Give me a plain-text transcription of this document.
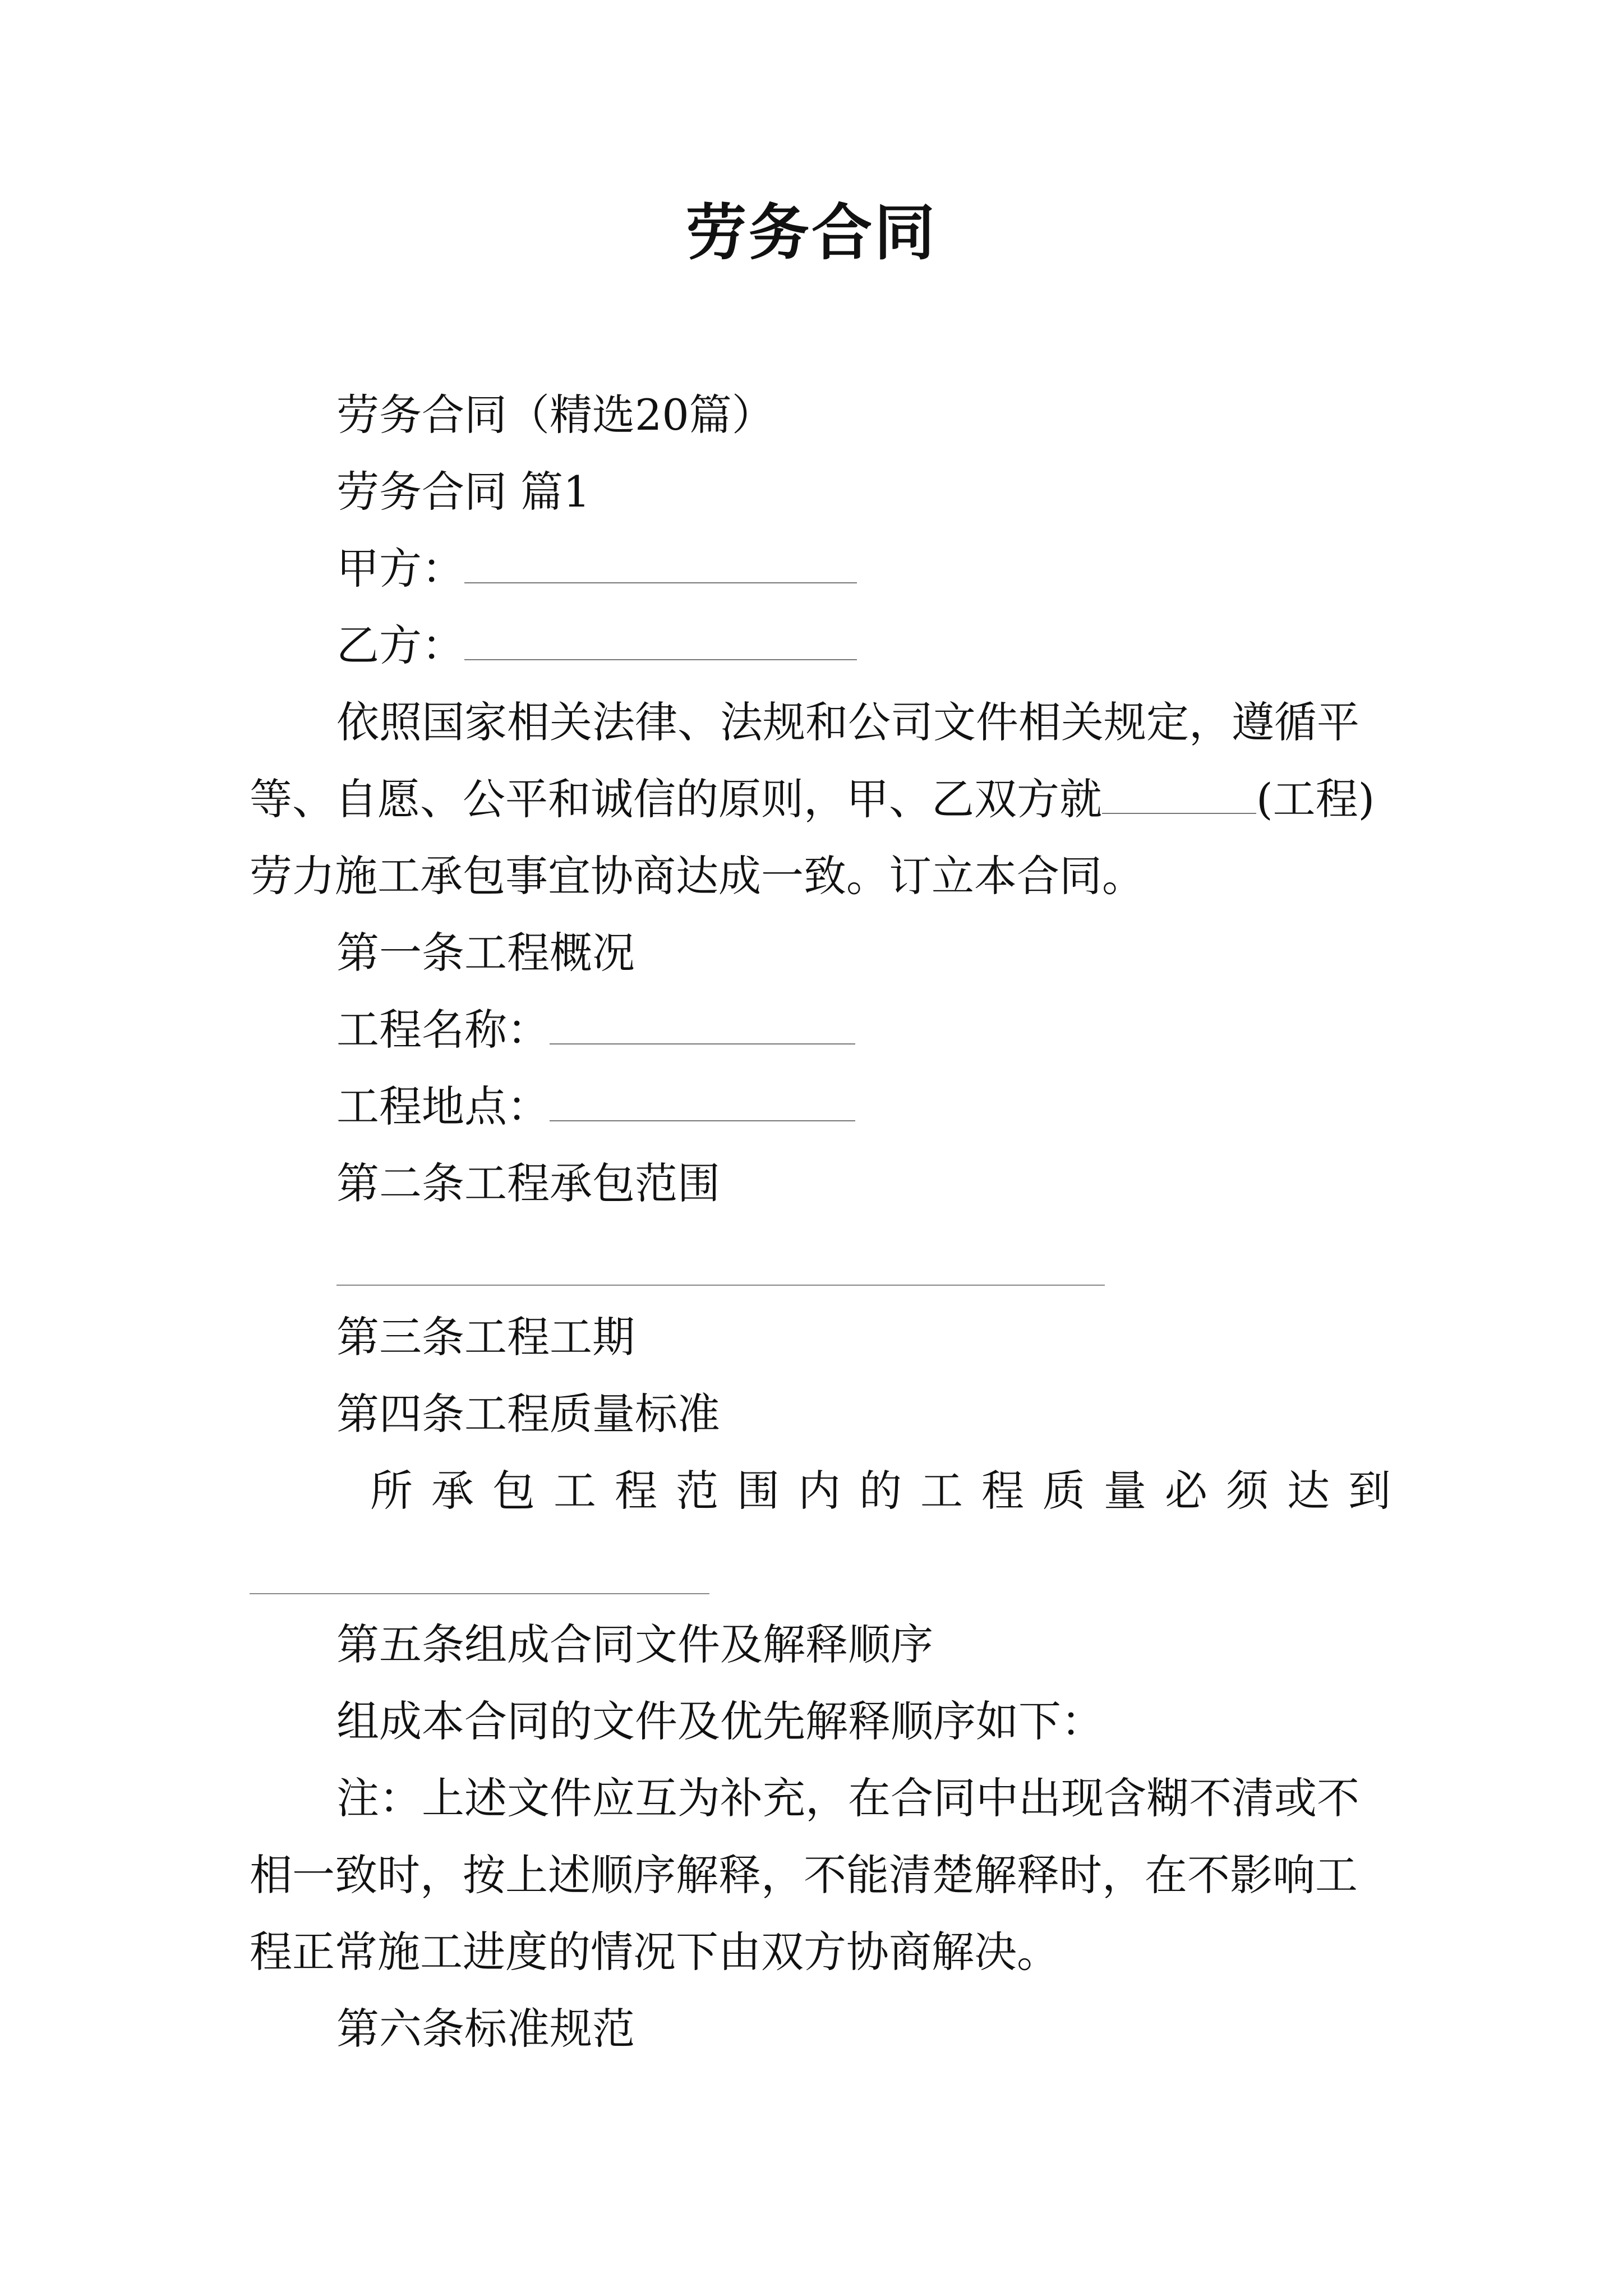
劳务合同
劳务合同（精选20篇）
劳务合同 篇1
甲方：
乙方：
依照国家相关法律、法规和公司文件相关规定，遵循平
等、自愿、公平和诚信的原则，甲、乙双方就	(工程)
劳力施工承包事宜协商达成一致。订立本合同。
第一条工程概况
工程名称：
工程地点：
第二条工程承包范围
第三条工程工期
第四条工程质量标准
所 承 包 工 程 范 围 内 的 工 程 质 量 必 须 达 到
第五条组成合同文件及解释顺序
组成本合同的文件及优先解释顺序如下：
注：上述文件应互为补充，在合同中出现含糊不清或不
相一致时，按上述顺序解释，不能清楚解释时，在不影响工
程正常施工进度的情况下由双方协商解决。
第六条标准规范
